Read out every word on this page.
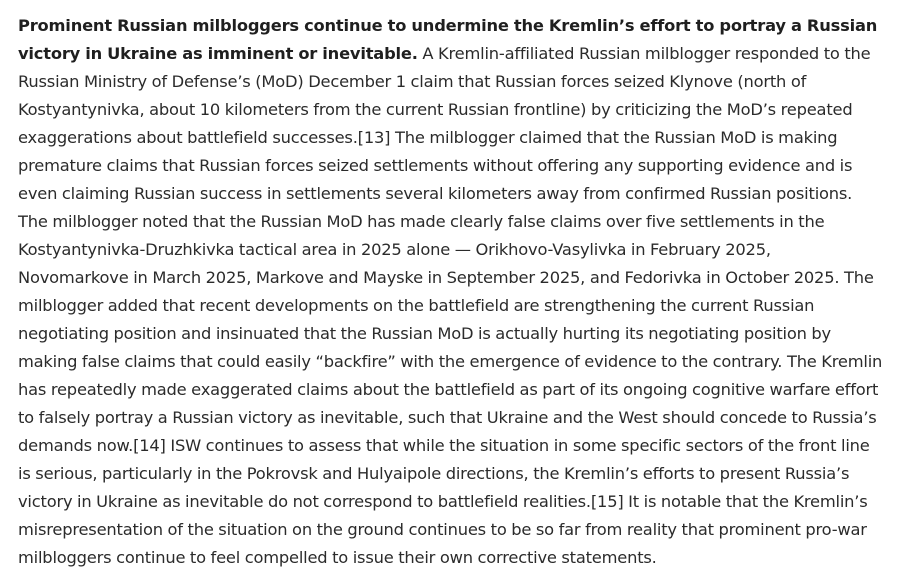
Prominent Russian milbloggers continue to undermine the Kremlin’s effort to portray a Russian victory in Ukraine as imminent or inevitable. A Kremlin-affiliated Russian milblogger responded to the Russian Ministry of Defense’s (MoD) December 1 claim that Russian forces seized Klynove (north of Kostyantynivka, about 10 kilometers from the current Russian frontline) by criticizing the MoD’s repeated exaggerations about battlefield successes.[13] The milblogger claimed that the Russian MoD is making premature claims that Russian forces seized settlements without offering any supporting evidence and is even claiming Russian success in settlements several kilometers away from confirmed Russian positions. The milblogger noted that the Russian MoD has made clearly false claims over five settlements in the Kostyantynivka-Druzhkivka tactical area in 2025 alone — Orikhovo-Vasylivka in February 2025, Novomarkove in March 2025, Markove and Mayske in September 2025, and Fedorivka in October 2025. The milblogger added that recent developments on the battlefield are strengthening the current Russian negotiating position and insinuated that the Russian MoD is actually hurting its negotiating position by making false claims that could easily “backfire” with the emergence of evidence to the contrary. The Kremlin has repeatedly made exaggerated claims about the battlefield as part of its ongoing cognitive warfare effort to falsely portray a Russian victory as inevitable, such that Ukraine and the West should concede to Russia’s demands now.[14] ISW continues to assess that while the situation in some specific sectors of the front line is serious, particularly in the Pokrovsk and Hulyaipole directions, the Kremlin’s efforts to present Russia’s victory in Ukraine as inevitable do not correspond to battlefield realities.[15] It is notable that the Kremlin’s misrepresentation of the situation on the ground continues to be so far from reality that prominent pro-war milbloggers continue to feel compelled to issue their own corrective statements.
